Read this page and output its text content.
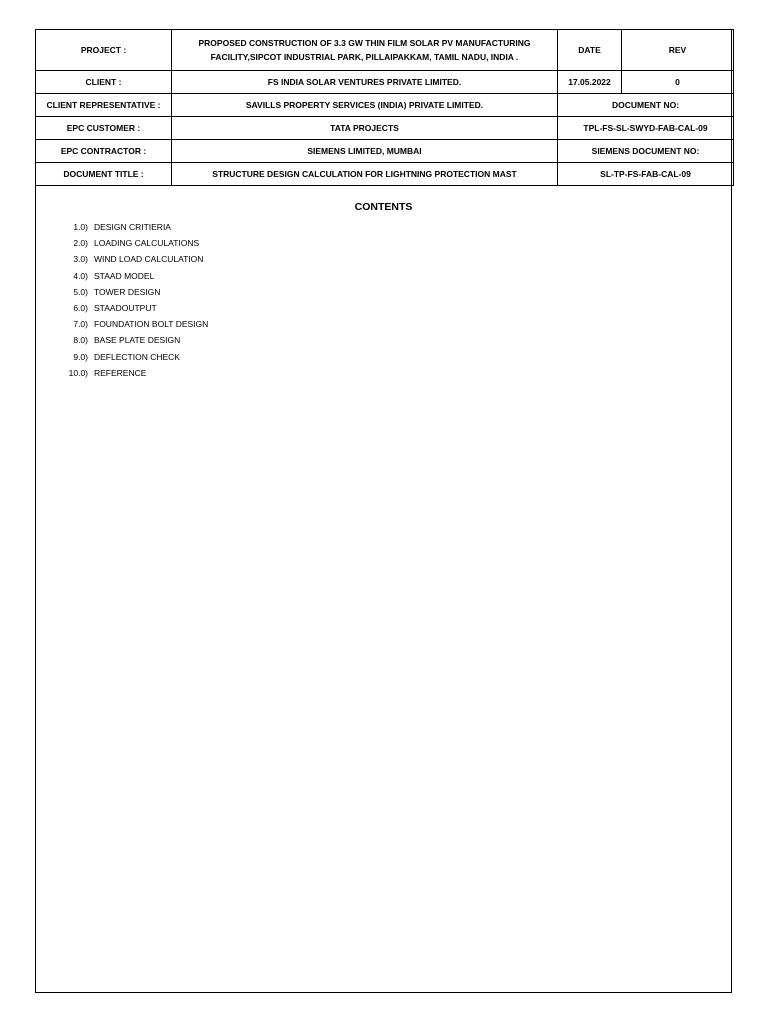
PROJECT :	PROPOSED CONSTRUCTION OF 3.3 GW THIN FILM SOLAR PV MANUFACTURING
FACILITY,SIPCOT INDUSTRIAL PARK, PILLAIPAKKAM, TAMIL NADU, INDIA .	DATE	REV
CLIENT :	FS INDIA SOLAR VENTURES PRIVATE LIMITED.	17.05.2022	0
CLIENT REPRESENTATIVE :	SAVILLS PROPERTY SERVICES (INDIA) PRIVATE LIMITED.	DOCUMENT NO:	
EPC CUSTOMER :	TATA PROJECTS	TPL-FS-SL-SWYD-FAB-CAL-09	
EPC CONTRACTOR :	SIEMENS LIMITED, MUMBAI	SIEMENS DOCUMENT NO:	
DOCUMENT TITLE :	STRUCTURE DESIGN CALCULATION FOR LIGHTNING PROTECTION MAST	SL-TP-FS-FAB-CAL-09	
CONTENTS
1.0) DESIGN CRITIERIA
2.0) LOADING CALCULATIONS
3.0) WIND LOAD CALCULATION
4.0) STAAD MODEL
5.0) TOWER DESIGN
6.0) STAADOUTPUT
7.0) FOUNDATION BOLT DESIGN
8.0) BASE PLATE DESIGN
9.0) DEFLECTION CHECK
10.0) REFERENCE
